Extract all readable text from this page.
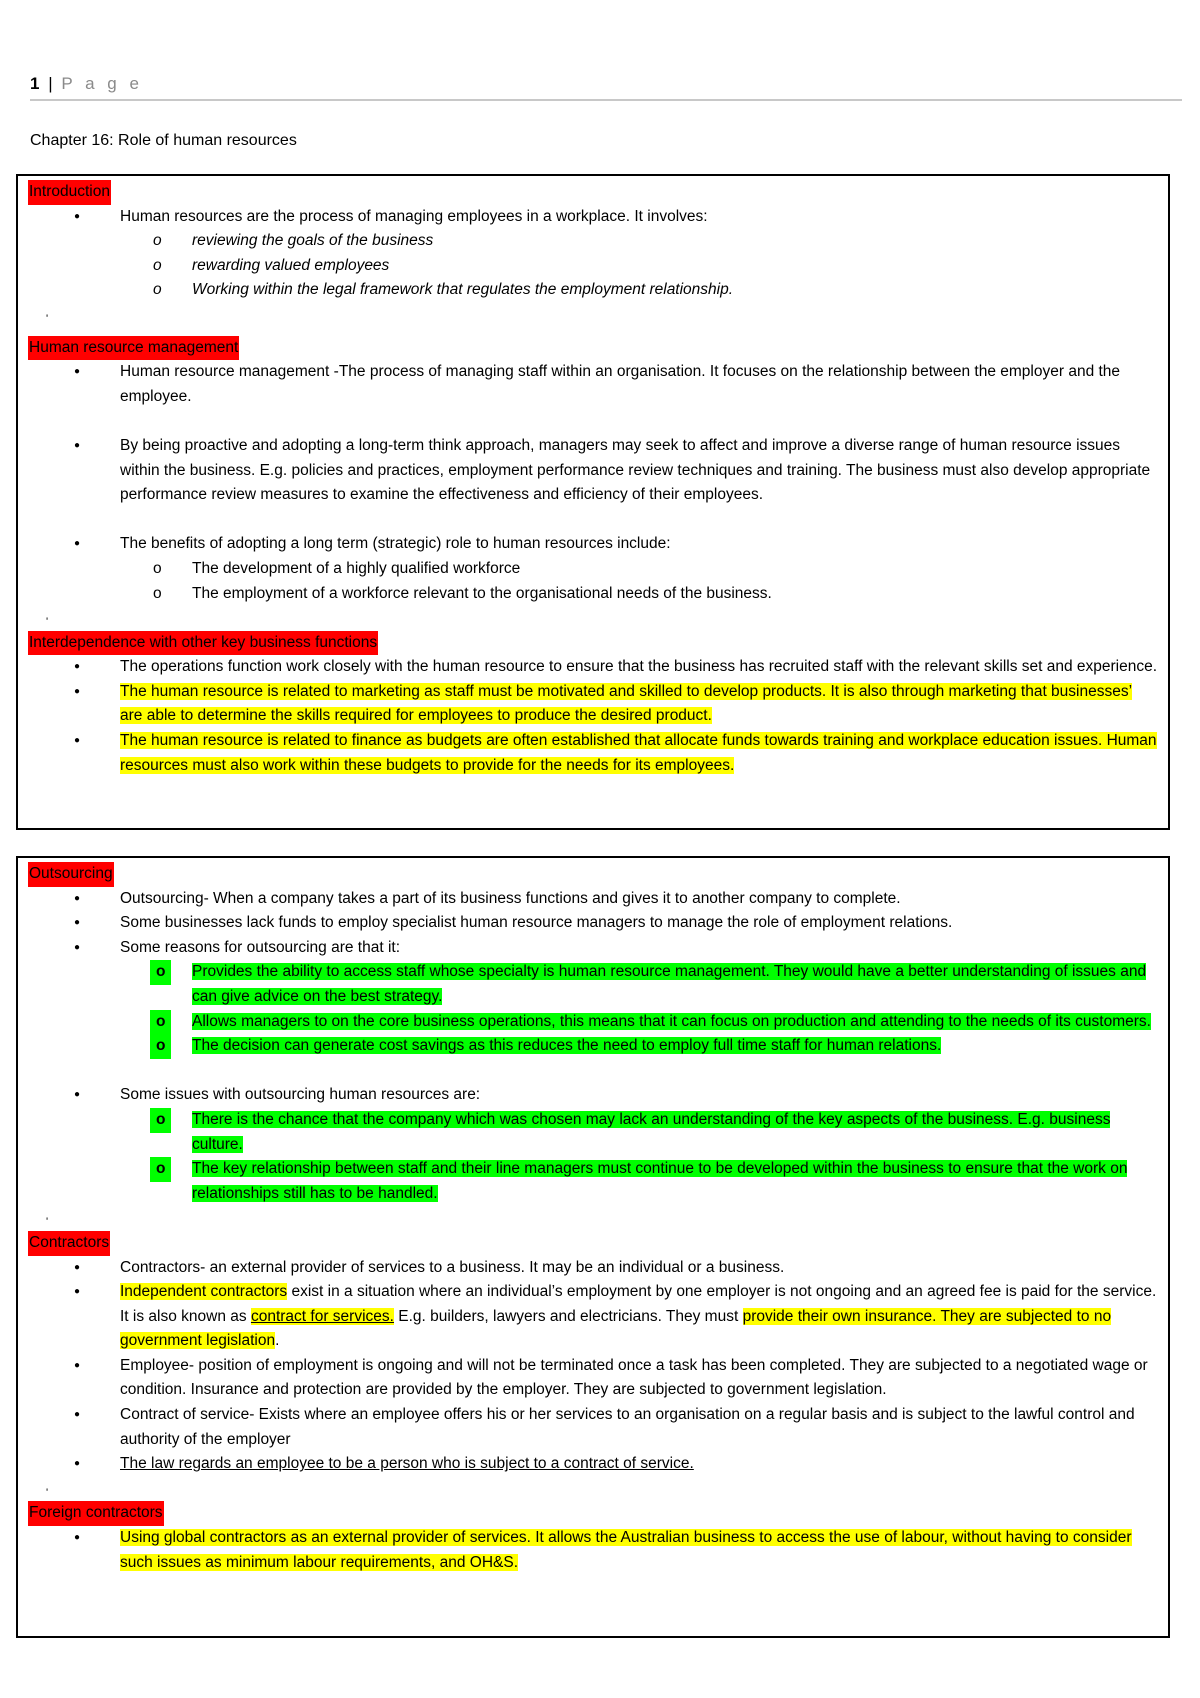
1 | P a g e
Chapter 16: Role of human resources
Introduction
● Human resources are the process of managing employees in a workplace. It involves:
o reviewing the goals of the business
o rewarding valued employees
o Working within the legal framework that regulates the employment relationship.
'
Human resource management
● Human resource management -The process of managing staff within an organisation. It focuses on the relationship between the employer and the employee.
● By being proactive and adopting a long-term think approach, managers may seek to affect and improve a diverse range of human resource issues within the business. E.g. policies and practices, employment performance review techniques and training. The business must also develop appropriate performance review measures to examine the effectiveness and efficiency of their employees.
● The benefits of adopting a long term (strategic) role to human resources include:
o The development of a highly qualified workforce
o The employment of a workforce relevant to the organisational needs of the business.
'
Interdependence with other key business functions
● The operations function work closely with the human resource to ensure that the business has recruited staff with the relevant skills set and experience.
● The human resource is related to marketing as staff must be motivated and skilled to develop products. It is also through marketing that businesses’ are able to determine the skills required for employees to produce the desired product.
● The human resource is related to finance as budgets are often established that allocate funds towards training and workplace education issues. Human resources must also work within these budgets to provide for the needs for its employees.
Outsourcing
● Outsourcing- When a company takes a part of its business functions and gives it to another company to complete.
● Some businesses lack funds to employ specialist human resource managers to manage the role of employment relations.
● Some reasons for outsourcing are that it:
o Provides the ability to access staff whose specialty is human resource management. They would have a better understanding of issues and can give advice on the best strategy.
o Allows managers to on the core business operations, this means that it can focus on production and attending to the needs of its customers.
o The decision can generate cost savings as this reduces the need to employ full time staff for human relations.
● Some issues with outsourcing human resources are:
o There is the chance that the company which was chosen may lack an understanding of the key aspects of the business. E.g. business culture.
o The key relationship between staff and their line managers must continue to be developed within the business to ensure that the work on relationships still has to be handled.
'
Contractors
● Contractors- an external provider of services to a business. It may be an individual or a business.
● Independent contractors exist in a situation where an individual’s employment by one employer is not ongoing and an agreed fee is paid for the service. It is also known as contract for services. E.g. builders, lawyers and electricians. They must provide their own insurance. They are subjected to no government legislation.
● Employee- position of employment is ongoing and will not be terminated once a task has been completed. They are subjected to a negotiated wage or condition. Insurance and protection are provided by the employer. They are subjected to government legislation.
● Contract of service- Exists where an employee offers his or her services to an organisation on a regular basis and is subject to the lawful control and authority of the employer
● The law regards an employee to be a person who is subject to a contract of service.
'
Foreign contractors
● Using global contractors as an external provider of services. It allows the Australian business to access the use of labour, without having to consider such issues as minimum labour requirements, and OH&S.
